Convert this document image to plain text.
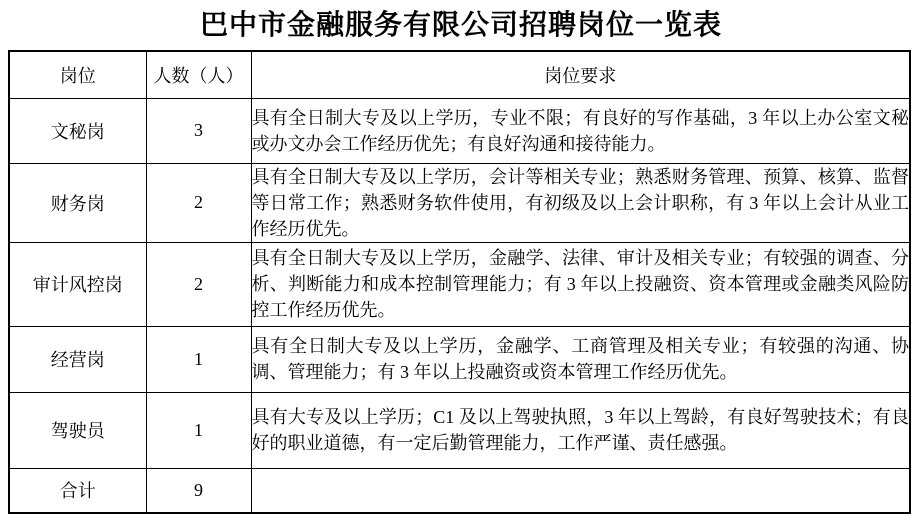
巴中市金融服务有限公司招聘岗位一览表
岗位	人数（人）	岗位要求
文秘岗	3	具有全日制大专及以上学历，专业不限；有良好的写作基础，3 年以上办公室文秘或办文办会工作经历优先；有良好沟通和接待能力。
财务岗	2	具有全日制大专及以上学历，会计等相关专业；熟悉财务管理、预算、核算、监督等日常工作；熟悉财务软件使用，有初级及以上会计职称，有 3 年以上会计从业工作经历优先。
审计风控岗	2	具有全日制大专及以上学历，金融学、法律、审计及相关专业；有较强的调查、分析、判断能力和成本控制管理能力；有 3 年以上投融资、资本管理或金融类风险防控工作经历优先。
经营岗	1	具有全日制大专及以上学历，金融学、工商管理及相关专业；有较强的沟通、协调、管理能力；有 3 年以上投融资或资本管理工作经历优先。
驾驶员	1	具有大专及以上学历；C1 及以上驾驶执照，3 年以上驾龄，有良好驾驶技术；有良好的职业道德，有一定后勤管理能力，工作严谨、责任感强。
合计	9	
